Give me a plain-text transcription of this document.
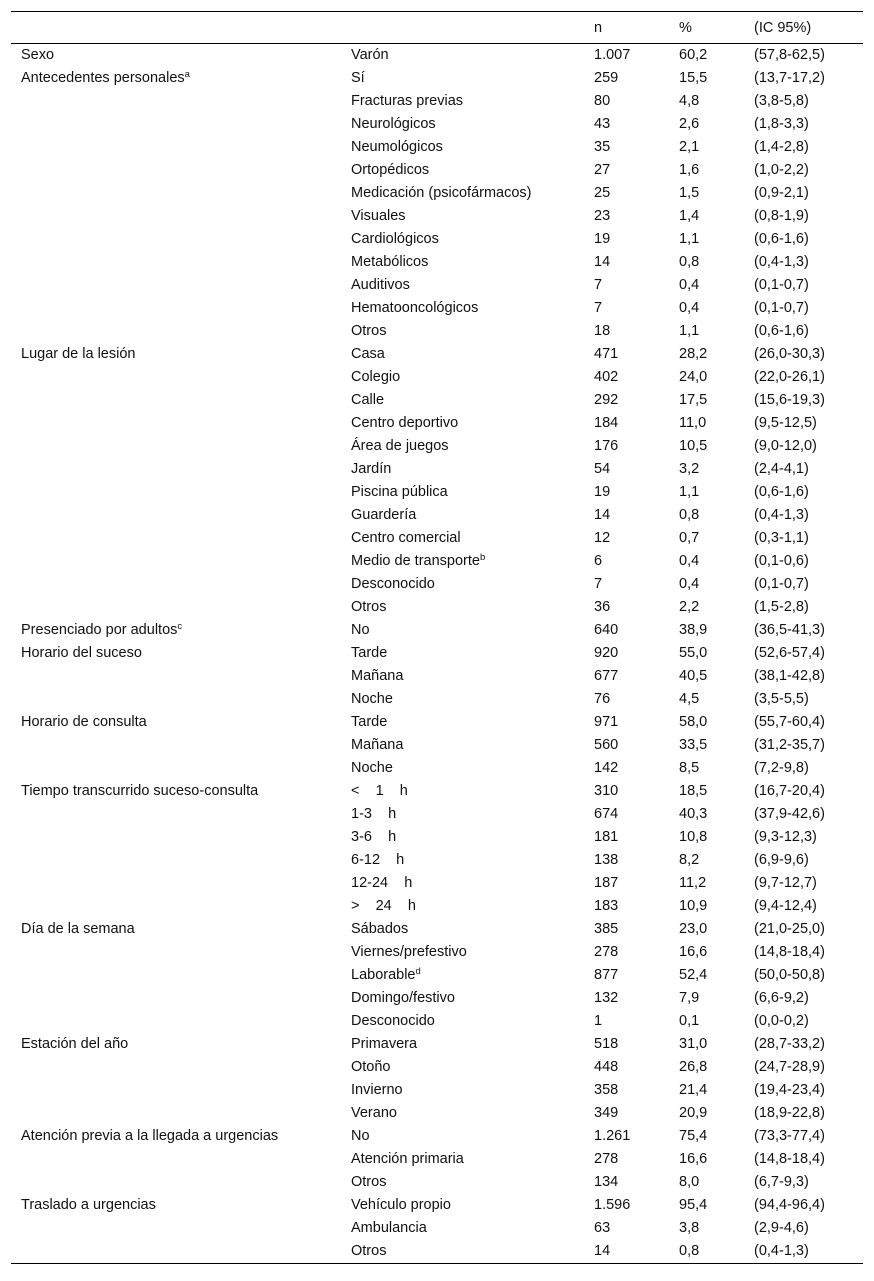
		n	%	(IC 95%)
Sexo	Varón	1.007	60,2	(57,8-62,5)
Antecedentes personales$^a$	Sí	259	15,5	(13,7-17,2)
	Fracturas previas	80	4,8	(3,8-5,8)
	Neurológicos	43	2,6	(1,8-3,3)
	Neumológicos	35	2,1	(1,4-2,8)
	Ortopédicos	27	1,6	(1,0-2,2)
	Medicación (psicofármacos)	25	1,5	(0,9-2,1)
	Visuales	23	1,4	(0,8-1,9)
	Cardiológicos	19	1,1	(0,6-1,6)
	Metabólicos	14	0,8	(0,4-1,3)
	Auditivos	7	0,4	(0,1-0,7)
	Hematooncológicos	7	0,4	(0,1-0,7)
	Otros	18	1,1	(0,6-1,6)
Lugar de la lesión	Casa	471	28,2	(26,0-30,3)
	Colegio	402	24,0	(22,0-26,1)
	Calle	292	17,5	(15,6-19,3)
	Centro deportivo	184	11,0	(9,5-12,5)
	Área de juegos	176	10,5	(9,0-12,0)
	Jardín	54	3,2	(2,4-4,1)
	Piscina pública	19	1,1	(0,6-1,6)
	Guardería	14	0,8	(0,4-1,3)
	Centro comercial	12	0,7	(0,3-1,1)
	Medio de transporte$^b$	6	0,4	(0,1-0,6)
	Desconocido	7	0,4	(0,1-0,7)
	Otros	36	2,2	(1,5-2,8)
Presenciado por adultos$^c$	No	640	38,9	(36,5-41,3)
Horario del suceso	Tarde	920	55,0	(52,6-57,4)
	Mañana	677	40,5	(38,1-42,8)
	Noche	76	4,5	(3,5-5,5)
Horario de consulta	Tarde	971	58,0	(55,7-60,4)
	Mañana	560	33,5	(31,2-35,7)
	Noche	142	8,5	(7,2-9,8)
Tiempo transcurrido suceso-consulta	<    1    h	310	18,5	(16,7-20,4)
	1-3    h	674	40,3	(37,9-42,6)
	3-6    h	181	10,8	(9,3-12,3)
	6-12    h	138	8,2	(6,9-9,6)
	12-24    h	187	11,2	(9,7-12,7)
	>    24    h	183	10,9	(9,4-12,4)
Día de la semana	Sábados	385	23,0	(21,0-25,0)
	Viernes/prefestivo	278	16,6	(14,8-18,4)
	Laborable$^d$	877	52,4	(50,0-50,8)
	Domingo/festivo	132	7,9	(6,6-9,2)
	Desconocido	1	0,1	(0,0-0,2)
Estación del año	Primavera	518	31,0	(28,7-33,2)
	Otoño	448	26,8	(24,7-28,9)
	Invierno	358	21,4	(19,4-23,4)
	Verano	349	20,9	(18,9-22,8)
Atención previa a la llegada a urgencias	No	1.261	75,4	(73,3-77,4)
	Atención primaria	278	16,6	(14,8-18,4)
	Otros	134	8,0	(6,7-9,3)
Traslado a urgencias	Vehículo propio	1.596	95,4	(94,4-96,4)
	Ambulancia	63	3,8	(2,9-4,6)
	Otros	14	0,8	(0,4-1,3)
